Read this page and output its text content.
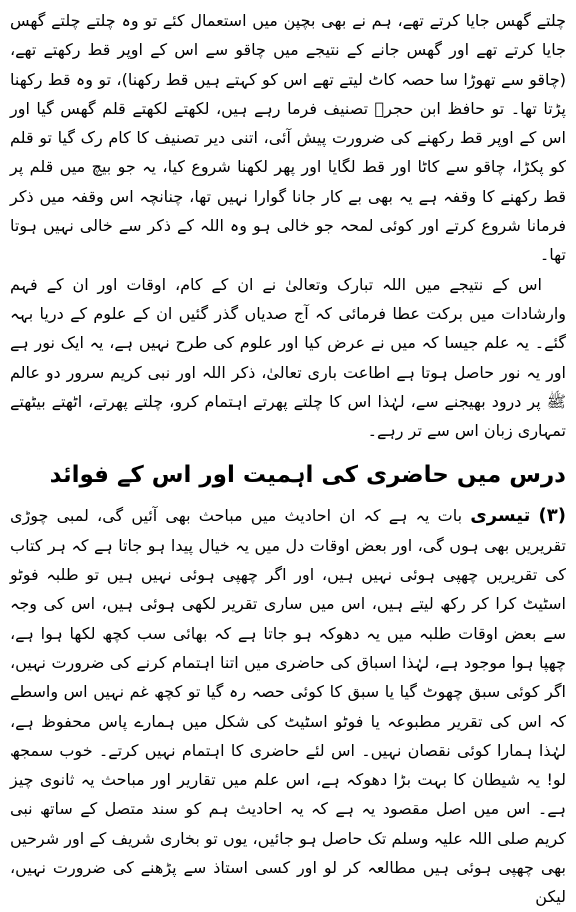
چلتے گھس جایا کرتے تھے، ہم نے بھی بچپن میں استعمال کئے تو وہ چلتے چلتے گھس جایا کرتے تھے اور گھس جانے کے نتیجے میں چاقو سے اس کے اوپر قط رکھتے تھے، (چاقو سے تھوڑا سا حصہ کاٹ لیتے تھے اس کو کہتے ہیں قط رکھنا)، تو وہ قط رکھنا پڑتا تھا۔ تو حافظ ابن حجرؒ تصنیف فرما رہے ہیں، لکھتے لکھتے قلم گھس گیا اور اس کے اوپر قط رکھنے کی ضرورت پیش آئی، اتنی دیر تصنیف کا کام رک گیا تو قلم کو پکڑا، چاقو سے کاٹا اور قط لگایا اور پھر لکھنا شروع کیا، یہ جو بیچ میں قلم پر قط رکھنے کا وقفہ ہے یہ بھی بے کار جانا گوارا نہیں تھا، چنانچہ اس وقفہ میں ذکر فرمانا شروع کرتے اور کوئی لمحہ جو خالی ہو وہ اللہ کے ذکر سے خالی نہیں ہوتا تھا۔

اس کے نتیجے میں اللہ تبارک وتعالیٰ نے ان کے کام، اوقات اور ان کے فہم وارشادات میں برکت عطا فرمائی کہ آج صدیاں گذر گئیں ان کے علوم کے دریا بہہ گئے۔ یہ علم جیسا کہ میں نے عرض کیا اور علوم کی طرح نہیں ہے، یہ ایک نور ہے اور یہ نور حاصل ہوتا ہے اطاعت باری تعالیٰ، ذکر اللہ اور نبی کریم سرور دو عالم ﷺ پر درود بھیجنے سے، لہٰذا اس کا چلتے پھرتے اہتمام کرو، چلتے پھرتے، اٹھتے بیٹھتے تمہاری زبان اس سے تر رہے۔

درس میں حاضری کی اہمیت اور اس کے فوائد

(۳) تیسری بات یہ ہے کہ ان احادیث میں مباحث بھی آئیں گی، لمبی چوڑی تقریریں بھی ہوں گی، اور بعض اوقات دل میں یہ خیال پیدا ہو جاتا ہے کہ ہر کتاب کی تقریریں چھپی ہوئی نہیں ہیں، اور اگر چھپی ہوئی نہیں ہیں تو طلبہ فوٹو اسٹیٹ کرا کر رکھ لیتے ہیں، اس میں ساری تقریر لکھی ہوئی ہیں، اس کی وجہ سے بعض اوقات طلبہ میں یہ دھوکہ ہو جاتا ہے کہ بھائی سب کچھ لکھا ہوا ہے، چھپا ہوا موجود ہے، لہٰذا اسباق کی حاضری میں اتنا اہتمام کرنے کی ضرورت نہیں، اگر کوئی سبق چھوٹ گیا یا سبق کا کوئی حصہ رہ گیا تو کچھ غم نہیں اس واسطے کہ اس کی تقریر مطبوعہ یا فوٹو اسٹیٹ کی شکل میں ہمارے پاس محفوظ ہے، لہٰذا ہمارا کوئی نقصان نہیں۔ اس لئے حاضری کا اہتمام نہیں کرتے۔ خوب سمجھ لو! یہ شیطان کا بہت بڑا دھوکہ ہے، اس علم میں تقاریر اور مباحث یہ ثانوی چیز ہے۔ اس میں اصل مقصود یہ ہے کہ یہ احادیث ہم کو سند متصل کے ساتھ نبی کریم صلی اللہ علیہ وسلم تک حاصل ہو جائیں، یوں تو بخاری شریف کے اور شرحیں بھی چھپی ہوئی ہیں مطالعہ کر لو اور کسی استاذ سے پڑھنے کی ضرورت نہیں، لیکن
